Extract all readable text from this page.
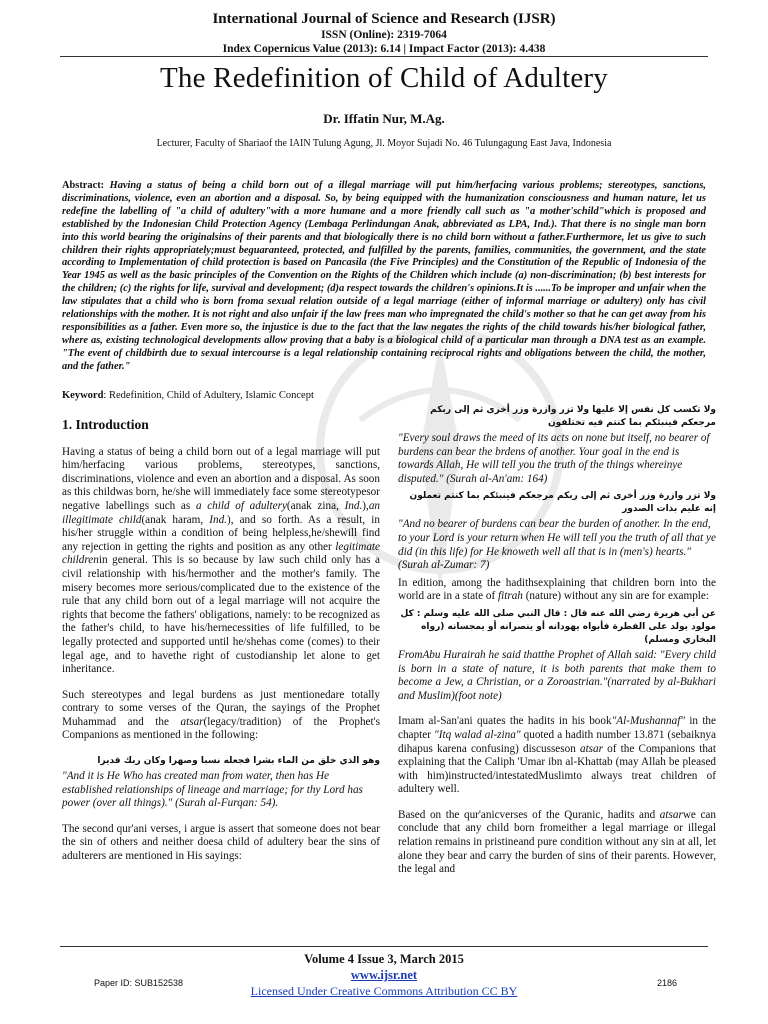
International Journal of Science and Research (IJSR)
ISSN (Online): 2319-7064
Index Copernicus Value (2013): 6.14 | Impact Factor (2013): 4.438
The Redefinition of Child of Adultery
Dr. Iffatin Nur, M.Ag.
Lecturer, Faculty of Shariaof the IAIN Tulung Agung, Jl. Moyor Sujadi No. 46 Tulungagung East Java, Indonesia
Abstract: Having a status of being a child born out of a illegal marriage will put him/herfacing various problems; stereotypes, sanctions, discriminations, violence, even an abortion and a disposal. So, by being equipped with the humanization consciousness and human nature, let us redefine the labelling of "a child of adultery"with a more humane and a more friendly call such as "a mother'schild"which is proposed and established by the Indonesian Child Protection Agency (Lembaga Perlindungan Anak, abbreviated as LPA, Ind.). That there is no single man born into this world bearing the originalsins of their parents and that biologically there is no child born without a father.Furthermore, let us give to such children their rights appropriately;must beguaranteed, protected, and fulfilled by the parents, families, communities, the government, and the state according to Implementation of child protection is based on Pancasila (the Five Principles) and the Constitution of the Republic of Indonesia of the Year 1945 as well as the basic principles of the Convention on the Rights of the Children which include (a) non-discrimination; (b) best interests for the children; (c) the rights for life, survival and development; (d)a respect towards the children's opinions.It is ......To be improper and unfair when the law stipulates that a child who is born froma sexual relation outside of a legal marriage (either of informal marriage or adultery) only has civil relationships with the mother. It is not right and also unfair if the law frees man who impregnated the child's mother so that he can get away from his responsibilities as a father. Even more so, the injustice is due to the fact that the law negates the rights of the child towards his/her biological father, where as, existing technological developments allow proving that a baby is a biological child of a particular man through a DNA test as an example. "The event of childbirth due to sexual intercourse is a legal relationship containing reciprocal rights and obligations between the child, the mother, and the father."
Keyword: Redefinition, Child of Adultery, Islamic Concept
1. Introduction

Having a status of being a child born out of a legal marriage will put him/herfacing various problems, stereotypes, sanctions, discriminations, violence and even an abortion and a disposal. As soon as this childwas born, he/she will immediately face some stereotypesor negative labellings such as a child of adultery(anak zina, Ind.),an illegitimate child(anak haram, Ind.), and so forth. As a result, in his/her struggle within a condition of being helpless,he/shewill find any rejection in getting the rights and position as any other legitimate childrenin general. This is so because by law such child only has a civil relationship with his/hermother and the mother's family. The misery becomes more serious/complicated due to the existence of the rule that any child born out of a legal marriage will not acquire the rights that become the fathers' obligations, namely: to be recognized as the father's child, to have his/hernecessities of life fulfilled, to be legally protected and supported until he/shehas come (comes) to their legal age, and to havethe right of custodianship let alone to get inheritance.

Such stereotypes and legal burdens as just mentionedare totally contrary to some verses of the Quran, the sayings of the Prophet Muhammad and the atsar(legacy/tradition) of the Prophet's Companions as mentioned in the following:

وهو الذي خلق من الماء بشرا فجعله نسبا وصهرا وكان ربك قديرا
"And it is He Who has created man from water, then has He established relationships of lineage and marriage; for thy Lord has power (over all things)." (Surah al-Furqan: 54).

The second qur'ani verses, i argue is assert that someone does not bear the sin of others and neither doesa child of adultery bear the sins of adulterers are mentioned in His sayings:

ولا تكسب كل نفس إلا عليها ولا تزر وازرة وزر أخرى ثم إلى ربكم مرجعكم فينبئكم بما كنتم فيه تختلفون
"Every soul draws the meed of its acts on none but itself, no bearer of burdens can bear the brdens of another. Your goal in the end is towards Allah, He will tell you the truth of the things whereinye disputed." (Surah al-An'am: 164)
ولا تزر وازرة وزر أخرى ثم إلى ربكم مرجعكم فينبئكم بما كنتم تعملون إنه عليم بذات الصدور
"And no bearer of burdens can bear the burden of another. In the end, to your Lord is your return when He will tell you the truth of all that ye did (in this life) for He knoweth well all that is in (men's) hearts."(Surah al-Zumar: 7)

In edition, among the hadithsexplaining that children born into the world are in a state of fitrah (nature) without any sin are for example:

عن أبي هريرة رضي الله عنه قال : قال النبي صلى الله عليه وسلم : كل مولود يولد على الفطرة فأبواه يهودانه أو ينصرانه أو يمجسانه (رواه البخاري ومسلم)

FromAbu Hurairah he said thatthe Prophet of Allah said: "Every child is born in a state of nature, it is both parents that make them to become a Jew, a Christian, or a Zoroastrian."(narrated by al-Bukhari and Muslim)(foot note)

Imam al-San'ani quates the hadits in his book"Al-Mushannaf" in the chapter "Itq walad al-zina" quoted a hadith number 13.871 (sebaiknya dihapus karena confusing) discusseson atsar of the Companions that explaining that the Caliph 'Umar ibn al-Khattab (may Allah be pleased with him)instructed/intestatedMuslimto always treat children of adultery well.

Based on the qur'anicverses of the Quranic, hadits and atsarwe can conclude that any child born fromeither a legal marriage or illegal relation remains in pristineand pure condition without any sin at all, let alone they bear and carry the burden of sins of their parents. However, the legal and

Volume 4 Issue 3, March 2015
www.ijsr.net
Licensed Under Creative Commons Attribution CC BY
Paper ID: SUB152538	2186
